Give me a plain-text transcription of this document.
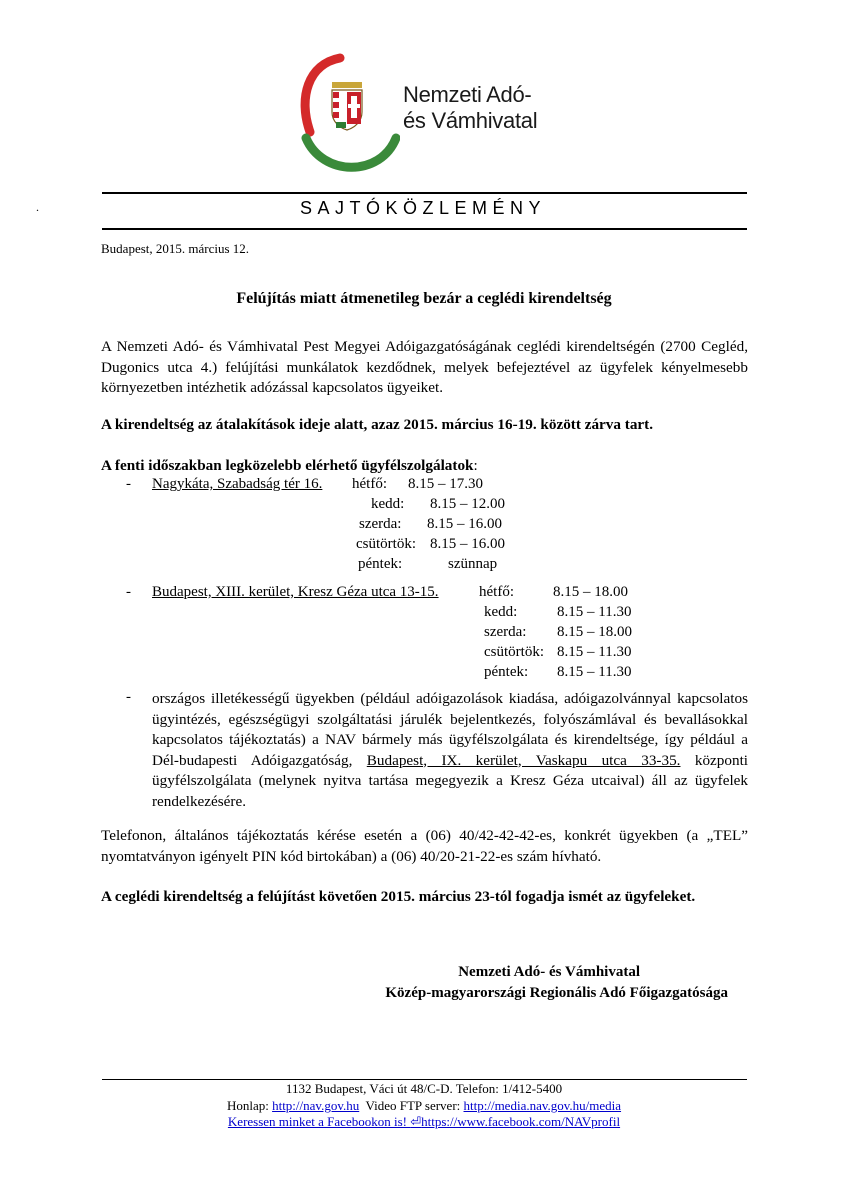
Nemzeti Adó-
és Vámhivatal
.	SAJTÓKÖZLEMÉNY
Budapest, 2015. március 12.
Felújítás miatt átmenetileg bezár a ceglédi kirendeltség
A Nemzeti Adó- és Vámhivatal Pest Megyei Adóigazgatóságának ceglédi kirendeltségén (2700 Cegléd, Dugonics utca 4.) felújítási munkálatok kezdődnek, melyek befejeztével az ügyfelek kényelmesebb környezetben intézhetik adózással kapcsolatos ügyeiket.
A kirendeltség az átalakítások ideje alatt, azaz 2015. március 16-19. között zárva tart.
A fenti időszakban legközelebb elérhető ügyfélszolgálatok:
- Nagykáta, Szabadság tér 16. hétfő: 8.15 – 17.30
kedd: 8.15 – 12.00
szerda: 8.15 – 16.00
csütörtök: 8.15 – 16.00
péntek:	szünnap
- Budapest, XIII. kerület, Kresz Géza utca 13-15.	hétfő:	8.15 – 18.00
kedd:	8.15 – 11.30
szerda: 8.15 – 18.00
csütörtök: 8.15 – 11.30
péntek: 8.15 – 11.30
- országos illetékességű ügyekben (például adóigazolások kiadása, adóigazolvánnyal kapcsolatos ügyintézés, egészségügyi szolgáltatási járulék bejelentkezés, folyószámlával és bevallásokkal kapcsolatos tájékoztatás) a NAV bármely más ügyfélszolgálata és kirendeltsége, így például a Dél-budapesti Adóigazgatóság, Budapest, IX. kerület, Vaskapu utca 33-35. központi ügyfélszolgálata (melynek nyitva tartása megegyezik a Kresz Géza utcaival) áll az ügyfelek rendelkezésére.
Telefonon, általános tájékoztatás kérése esetén a (06) 40/42-42-42-es, konkrét ügyekben (a „TEL” nyomtatványon igényelt PIN kód birtokában) a (06) 40/20-21-22-es szám hívható.
A ceglédi kirendeltség a felújítást követően 2015. március 23-tól fogadja ismét az ügyfeleket.
Nemzeti Adó- és Vámhivatal
Közép-magyarországi Regionális Adó Főigazgatósága
1132 Budapest, Váci út 48/C-D. Telefon: 1/412-5400
Honlap: http://nav.gov.hu  Video FTP server: http://media.nav.gov.hu/media
Keressen minket a Facebookon is! ⏎https://www.facebook.com/NAVprofil
